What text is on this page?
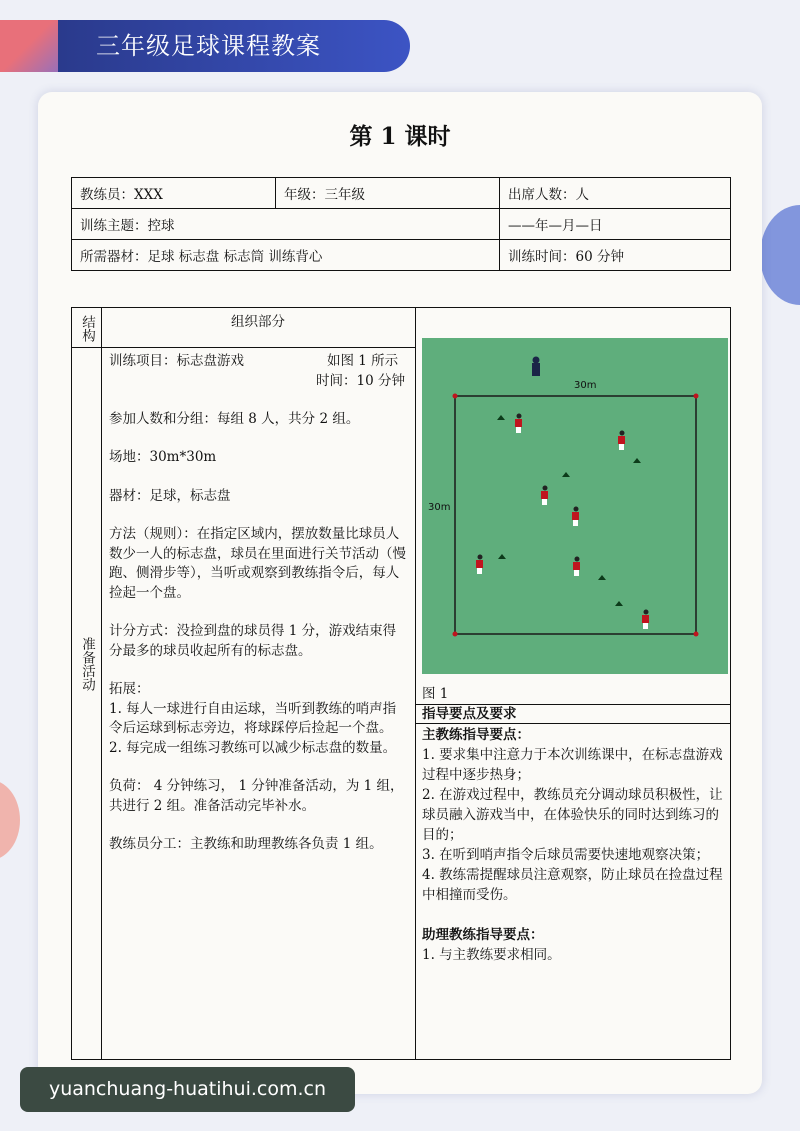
三年级足球课程教案
第 1 课时
教练员：XXX	年级：三年级	出席人数：人
训练主题：控球		——年—月—日
所需器材：足球 标志盘 标志筒 训练背心		训练时间：60 分钟
结构	组织部分
准备活动
训练项目：标志盘游戏	如图 1 所示
时间：10 分钟

参加人数和分组：每组 8 人，共分 2 组。

场地：30m*30m

器材：足球，标志盘

方法（规则）：在指定区域内，摆放数量比球员人数少一人的标志盘，球员在里面进行关节活动（慢跑、侧滑步等），当听或观察到教练指令后，每人捡起一个盘。

计分方式：没捡到盘的球员得 1 分，游戏结束得分最多的球员收起所有的标志盘。

拓展：

1. 每人一球进行自由运球，当听到教练的哨声指令后运球到标志旁边，将球踩停后捡起一个盘。

2. 每完成一组练习教练可以减少标志盘的数量。

负荷： 4 分钟练习， 1 分钟准备活动，为 1 组，共进行 2 组。准备活动完毕补水。

教练员分工：主教练和助理教练各负责 1 组。

30m
30m
图 1
指导要点及要求
主教练指导要点：
1. 要求集中注意力于本次训练课中，在标志盘游戏过程中逐步热身；
2. 在游戏过程中，教练员充分调动球员积极性，让球员融入游戏当中，在体验快乐的同时达到练习的目的；
3. 在听到哨声指令后球员需要快速地观察决策；
4. 教练需提醒球员注意观察，防止球员在捡盘过程中相撞而受伤。
助理教练指导要点：
1. 与主教练要求相同。
yuanchuang-huatihui.com.cn
